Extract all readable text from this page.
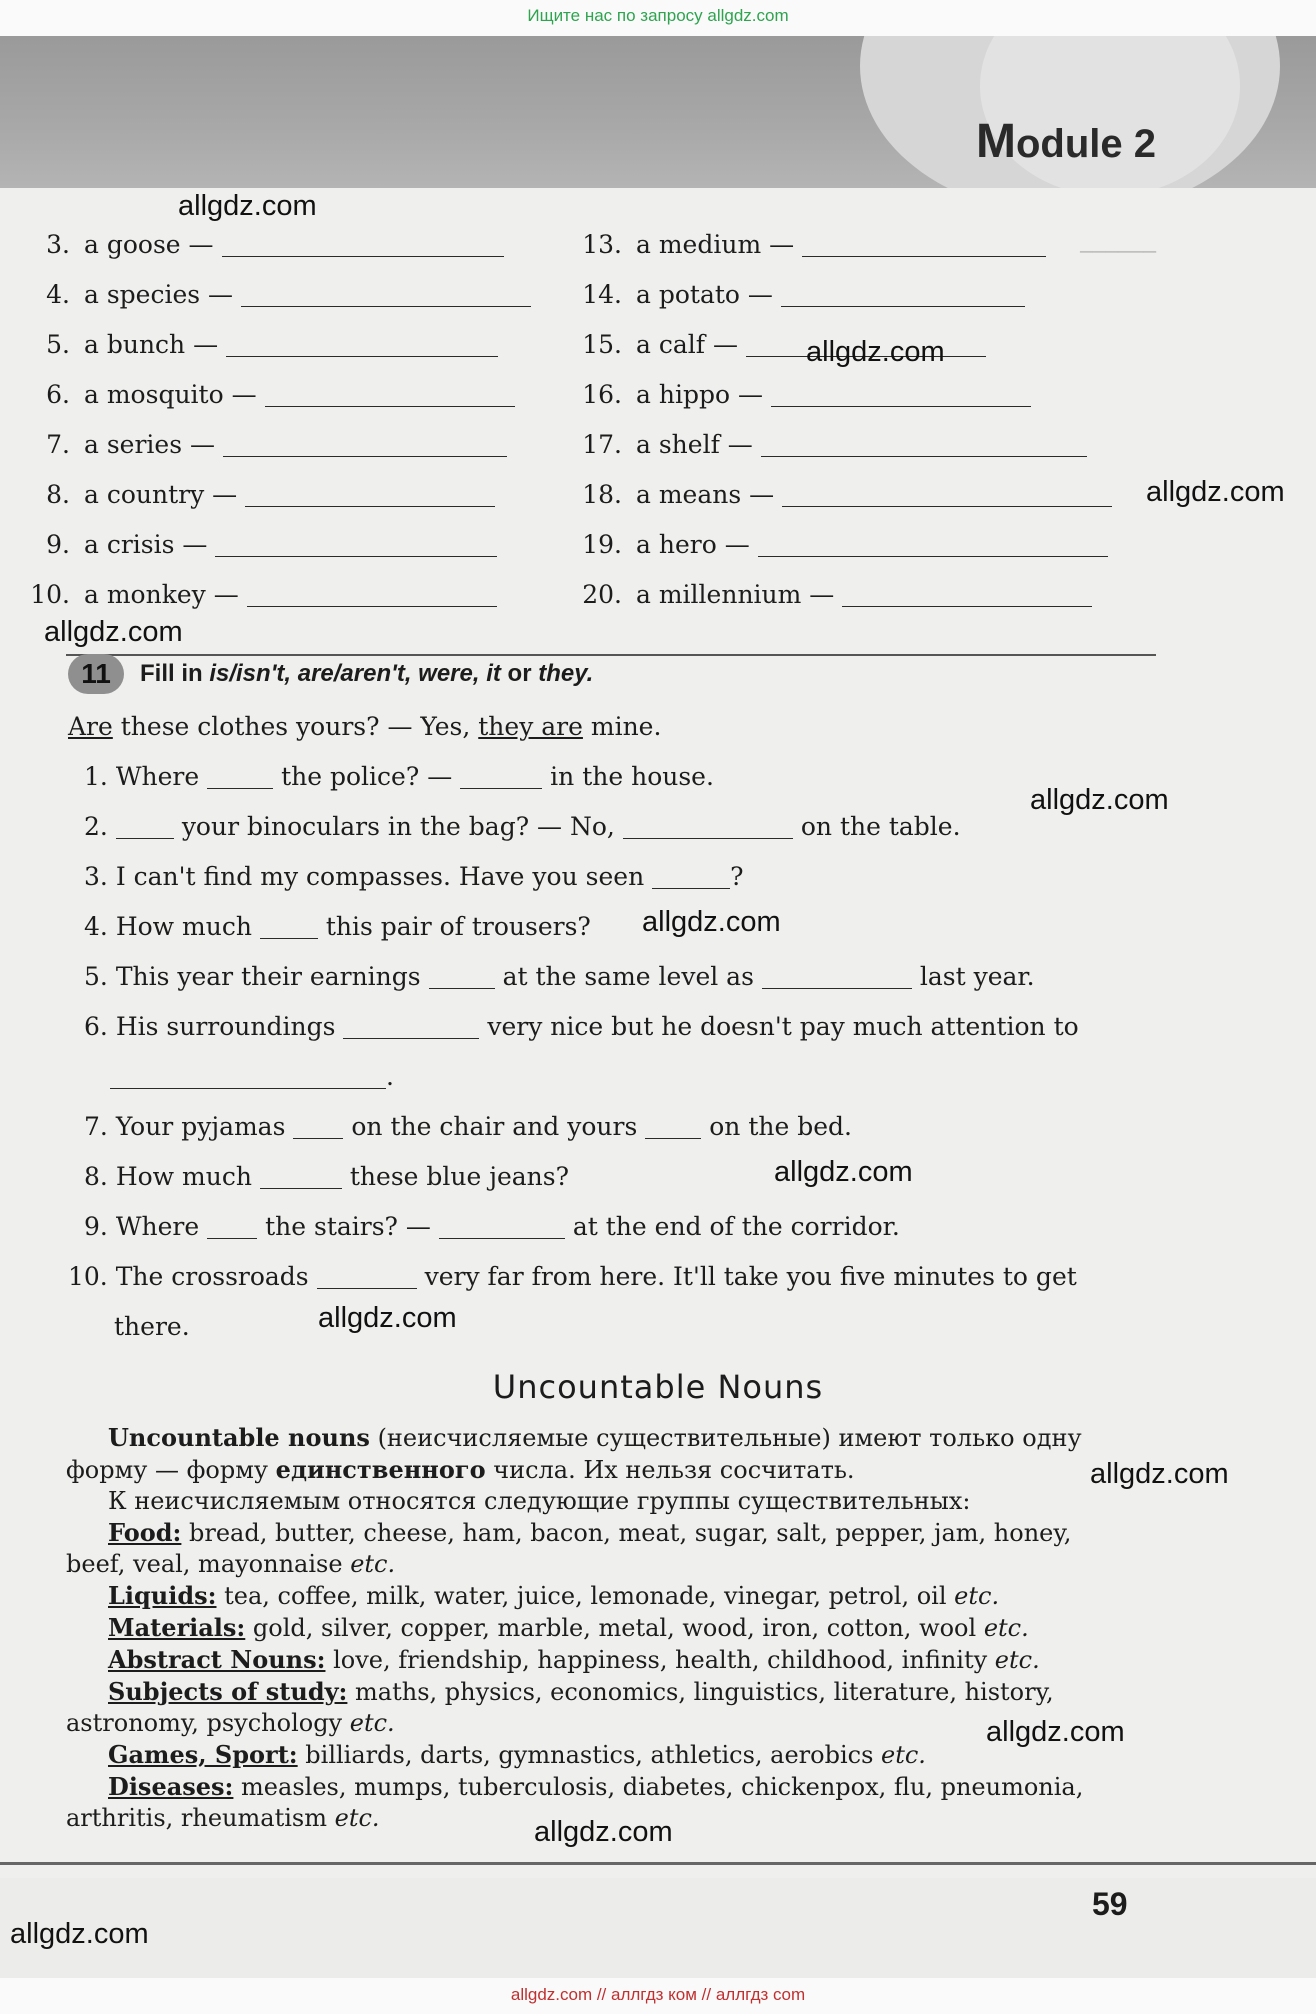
Ищите нас по запросу allgdz.com
Module 2
──────
3. a goose —
4. a species —
5. a bunch —
6. a mosquito —
7. a series —
8. a country —
9. a crisis —
10. a monkey —
13. a medium —
14. a potato —
15. a calf —
16. a hippo —
17. a shelf —
18. a means —
19. a hero —
20. a millennium —
11	Fill in is/isn't, are/aren't, were, it or they.
Are these clothes yours? — Yes, they are mine.
1. Where	the police? —	in the house.
2.	your binoculars in the bag? — No,	on the table.
3. I can't find my compasses. Have you seen	?
4. How much	this pair of trousers?
5. This year their earnings	at the same level as	last year.
6. His surroundings	very nice but he doesn't pay much attention to
.
7. Your pyjamas	on the chair and yours	on the bed.
8. How much	these blue jeans?
9. Where	the stairs? —	at the end of the corridor.
10. The crossroads	very far from here. It'll take you five minutes to get
there.
Uncountable Nouns
Uncountable nouns (неисчисляемые существительные) имеют только одну
форму — форму единственного числа. Их нельзя сосчитать.
К неисчисляемым относятся следующие группы существительных:
Food: bread, butter, cheese, ham, bacon, meat, sugar, salt, pepper, jam, honey,
beef, veal, mayonnaise etc.
Liquids: tea, coffee, milk, water, juice, lemonade, vinegar, petrol, oil etc.
Materials: gold, silver, copper, marble, metal, wood, iron, cotton, wool etc.
Abstract Nouns: love, friendship, happiness, health, childhood, infinity etc.
Subjects of study: maths, physics, economics, linguistics, literature, history,
astronomy, psychology etc.
Games, Sport: billiards, darts, gymnastics, athletics, aerobics etc.
Diseases: measles, mumps, tuberculosis, diabetes, chickenpox, flu, pneumonia,
arthritis, rheumatism etc.
59
allgdz.com
allgdz.com
allgdz.com
allgdz.com
allgdz.com
allgdz.com
allgdz.com
allgdz.com
allgdz.com
allgdz.com
allgdz.com
allgdz.com
allgdz.com // аллгдз ком // аллгдз com
